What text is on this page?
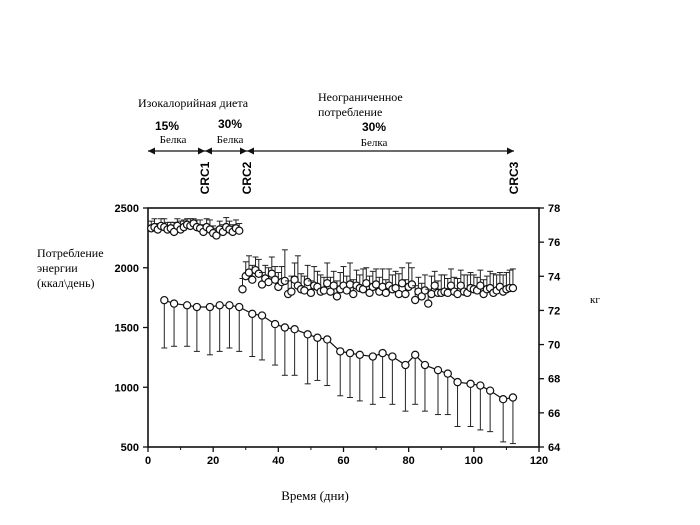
0	20	40	60	80	100	120
500
1000
1500
2000
2500
64
66
68
70
72
74
76
78
15%
Белка
30%
Белка
30%
Белка
CRC1 CRC2	CRC3
Время (дни)
кг
Потребление энергии (ккал\день)
Изокалорийная диета	Неограниченное потребление
